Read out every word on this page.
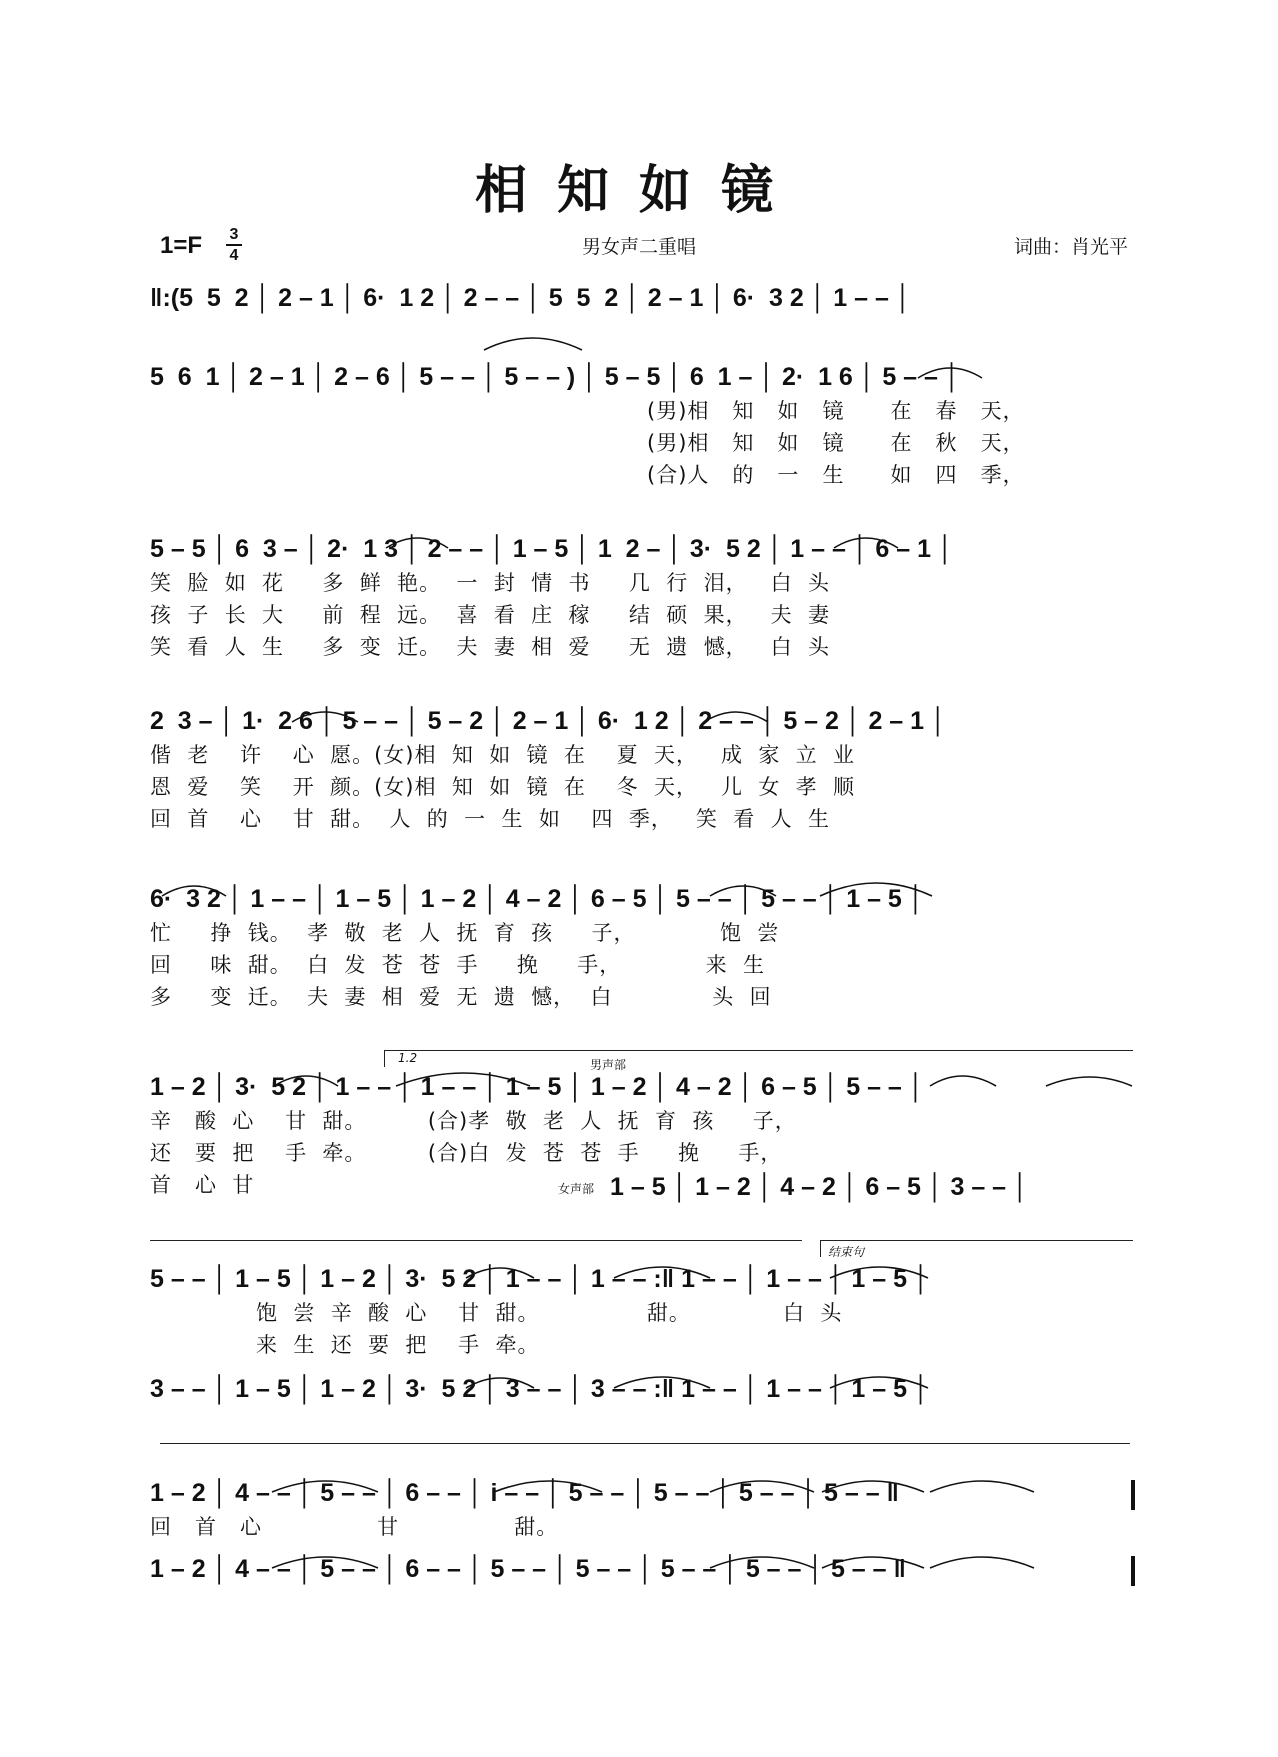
相知如镜
1=F 3
4	男女声二重唱	词曲：肖光平
‖:(5  5  2 │ 2 – 1 │ 6·  1 2 │ 2 – – │ 5  5  2 │ 2 – 1 │ 6·  3 2 │ 1 – – │
5  6  1 │ 2 – 1 │ 2 – 6 │ 5 – – │ 5 – – ) │ 5 – 5 │ 6  1 – │ 2·  1 6 │ 5 – – │
(男)相   知   如   镜      在   春   天，
(男)相   知   如   镜      在   秋   天，
(合)人   的   一   生      如   四   季，
5 – 5 │ 6  3 – │ 2·  1 3 │ 2 – – │ 1 – 5 │ 1  2 – │ 3·  5 2 │ 1 – – │ 6 – 1 │
笑  脸  如  花     多  鲜  艳。  一  封  情  书     几  行  泪，   白  头
孩  子  长  大     前  程  远。  喜  看  庄  稼     结  硕  果，   夫  妻
笑  看  人  生     多  变  迁。  夫  妻  相  爱     无  遗  憾，   白  头
2  3 – │ 1·  2 6 │ 5 – – │ 5 – 2 │ 2 – 1 │ 6·  1 2 │ 2 – – │ 5 – 2 │ 2 – 1 │
偕  老    许    心  愿。(女)相  知  如  镜  在    夏  天，   成  家  立  业
恩  爱    笑    开  颜。(女)相  知  如  镜  在    冬  天，   儿  女  孝  顺
回  首    心    甘  甜。  人  的  一  生  如    四  季，   笑  看  人  生
6·  3 2 │ 1 – – │ 1 – 5 │ 1 – 2 │ 4 – 2 │ 6 – 5 │ 5 – – │ 5 – – │ 1 – 5 │
忙     挣  钱。  孝  敬  老  人  抚  育  孩     子，           饱  尝
回     味  甜。  白  发  苍  苍  手     挽     手，           来  生
多     变  迁。  夫  妻  相  爱  无  遗  憾，  白             头  回
1.2	男声部
1 – 2 │ 3·  5 2 │ 1 – – │ 1 – – │ 1 – 5 │ 1 – 2 │ 4 – 2 │ 6 – 5 │ 5 – – │
辛   酸  心    甘  甜。        (合)孝  敬  老  人  抚  育  孩     子，
还   要  把    手  牵。        (合)白  发  苍  苍  手     挽     手，
首   心  甘	女声部 1 – 5 │ 1 – 2 │ 4 – 2 │ 6 – 5 │ 3 – – │
结束句
5 – – │ 1 – 5 │ 1 – 2 │ 3·  5 2 │ 1 – – │ 1 – – :‖ 1 – – │ 1 – – │ 1 – 5 │
饱  尝  辛  酸  心    甘  甜。              甜。            白  头
来  生  还  要  把    手  牵。
3 – – │ 1 – 5 │ 1 – 2 │ 3·  5 2 │ 3 – – │ 3 – – :‖ 1 – – │ 1 – – │ 1 – 5 │
1 – 2 │ 4 – – │ 5 – – │ 6 – – │ i – – │ 5 – – │ 5 – – │ 5 – – │ 5 – – ‖
回   首   心               甘               甜。
1 – 2 │ 4 – – │ 5 – – │ 6 – – │ 5 – – │ 5 – – │ 5 – – │ 5 – – │ 5 – – ‖
